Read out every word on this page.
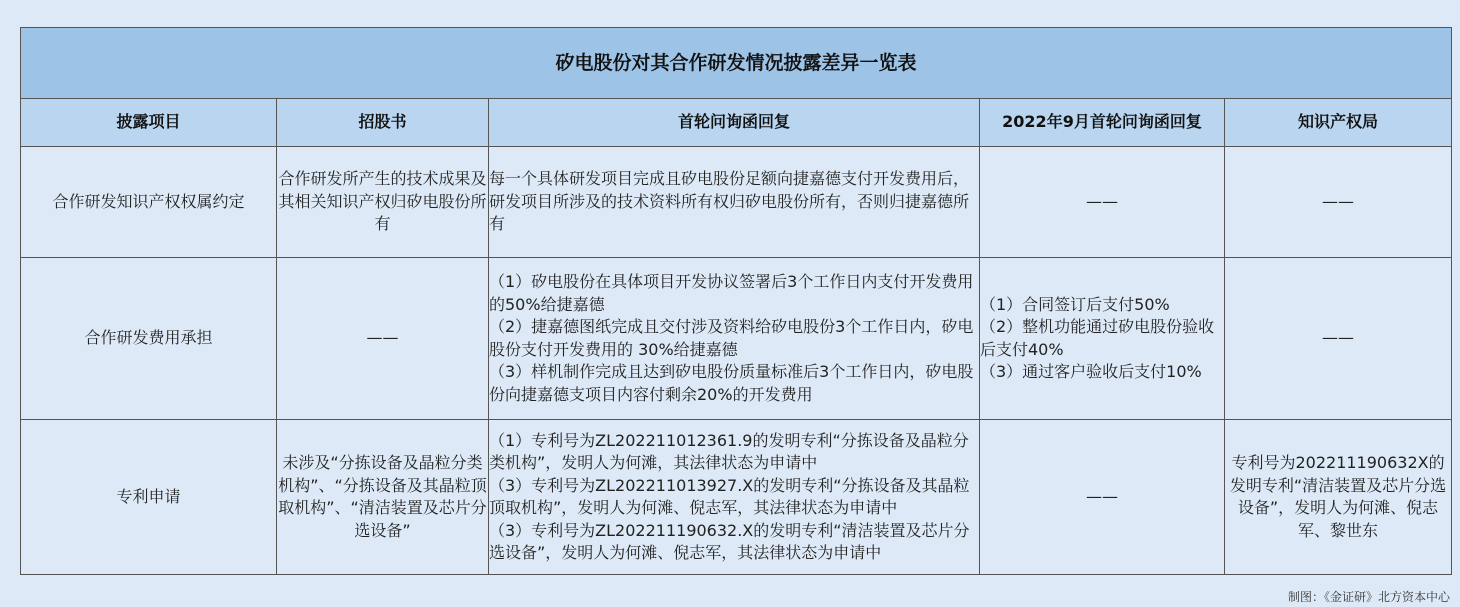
矽电股份对其合作研发情况披露差异一览表				
披露项目	招股书	首轮问询函回复	2022年9月首轮问询函回复	知识产权局
合作研发知识产权权属约定	合作研发所产生的技术成果及其相关知识产权归矽电股份所有	每一个具体研发项目完成且矽电股份足额向捷嘉德支付开发费用后，研发项目所涉及的技术资料所有权归矽电股份所有，否则归捷嘉德所有	——	——
合作研发费用承担	——	（1）矽电股份在具体项目开发协议签署后3个工作日内支付开发费用的50%给捷嘉德
（2）捷嘉德图纸完成且交付涉及资料给矽电股份3个工作日内，矽电股份支付开发费用的 30%给捷嘉德
（3）样机制作完成且达到矽电股份质量标准后3个工作日内，矽电股份向捷嘉德支项目内容付剩余20%的开发费用	（1）合同签订后支付50%
（2）整机功能通过矽电股份验收后支付40%
（3）通过客户验收后支付10%	——
专利申请	未涉及“分拣设备及晶粒分类机构”、“分拣设备及其晶粒顶取机构”、“清洁装置及芯片分选设备”	（1）专利号为ZL202211012361.9的发明专利“分拣设备及晶粒分类机构”，发明人为何滩，其法律状态为申请中
（3）专利号为ZL202211013927.X的发明专利“分拣设备及其晶粒顶取机构”，发明人为何滩、倪志军，其法律状态为申请中
（3）专利号为ZL202211190632.X的发明专利“清洁装置及芯片分选设备”，发明人为何滩、倪志军，其法律状态为申请中	——	专利号为202211190632X的发明专利“清洁装置及芯片分选设备”，发明人为何滩、倪志军、黎世东
制图：《金证研》北方资本中心
